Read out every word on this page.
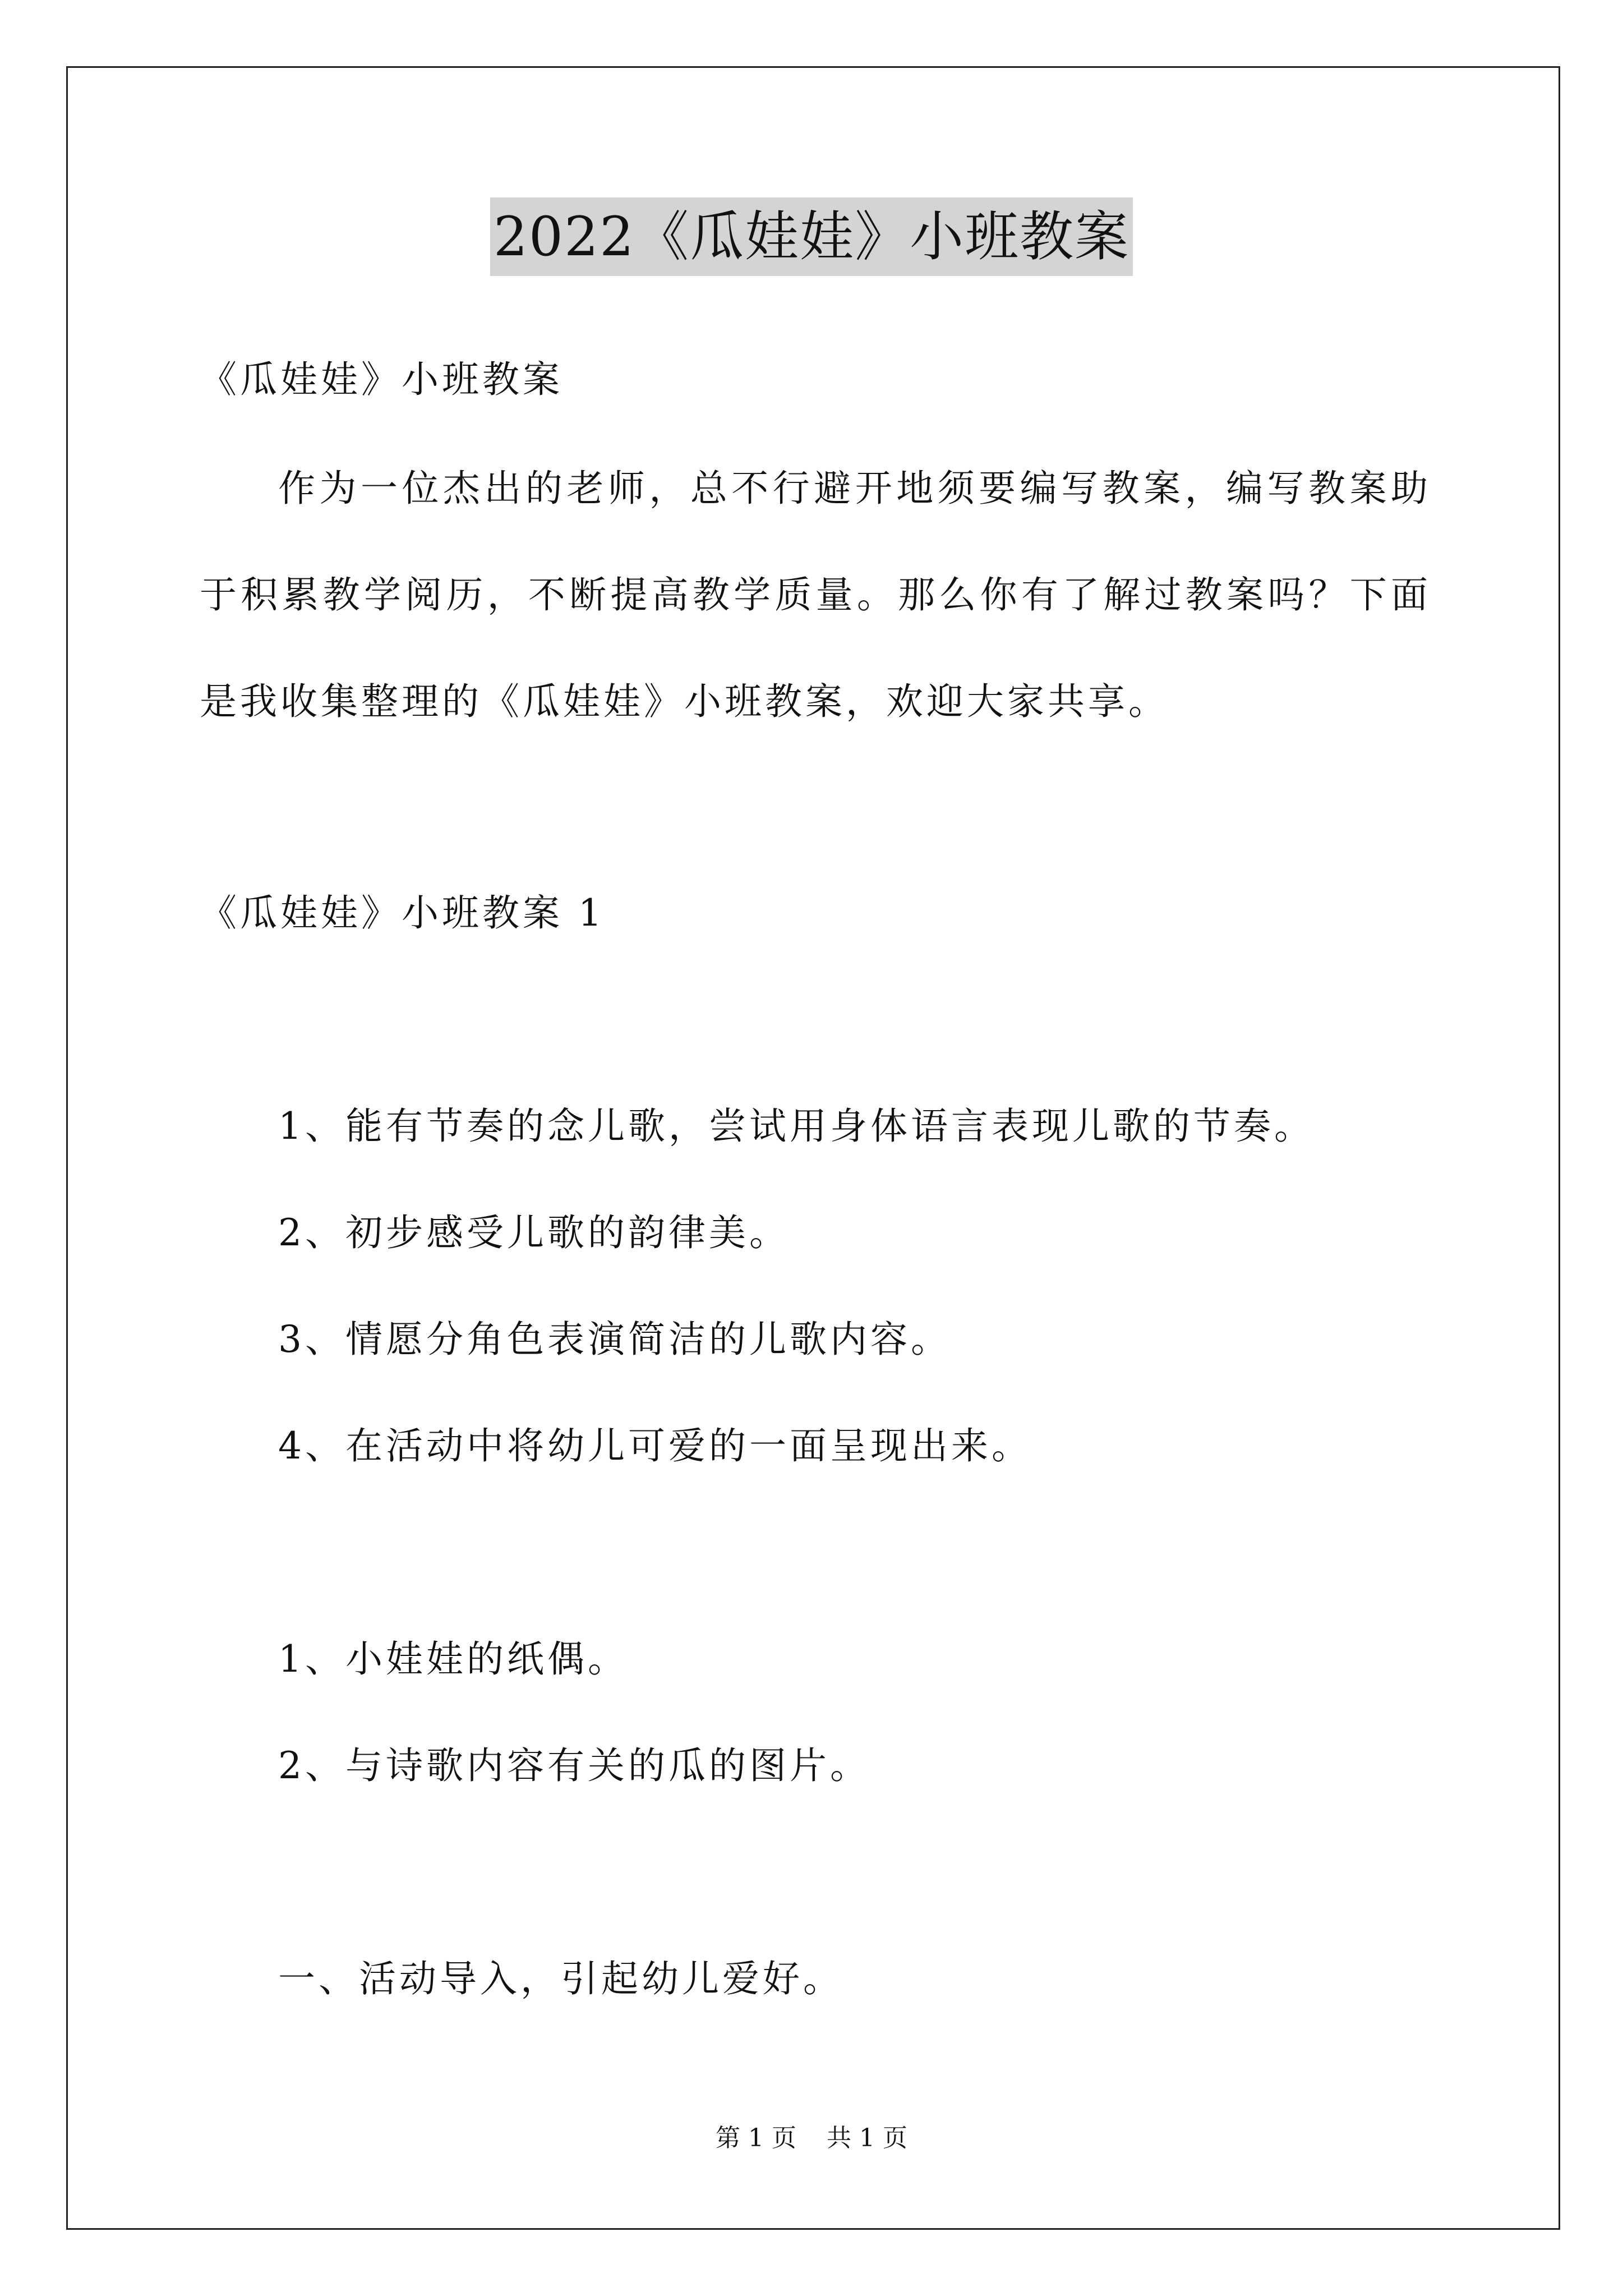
2022《瓜娃娃》小班教案
《瓜娃娃》小班教案
作为一位杰出的老师，总不行避开地须要编写教案，编写教案助于积累教学阅历，不断提高教学质量。那么你有了解过教案吗？下面是我收集整理的《瓜娃娃》小班教案，欢迎大家共享。
《瓜娃娃》小班教案 1
1、能有节奏的念儿歌，尝试用身体语言表现儿歌的节奏。
2、初步感受儿歌的韵律美。
3、情愿分角色表演简洁的儿歌内容。
4、在活动中将幼儿可爱的一面呈现出来。
1、小娃娃的纸偶。
2、与诗歌内容有关的瓜的图片。
一、活动导入，引起幼儿爱好。
第 1 页 共 1 页
